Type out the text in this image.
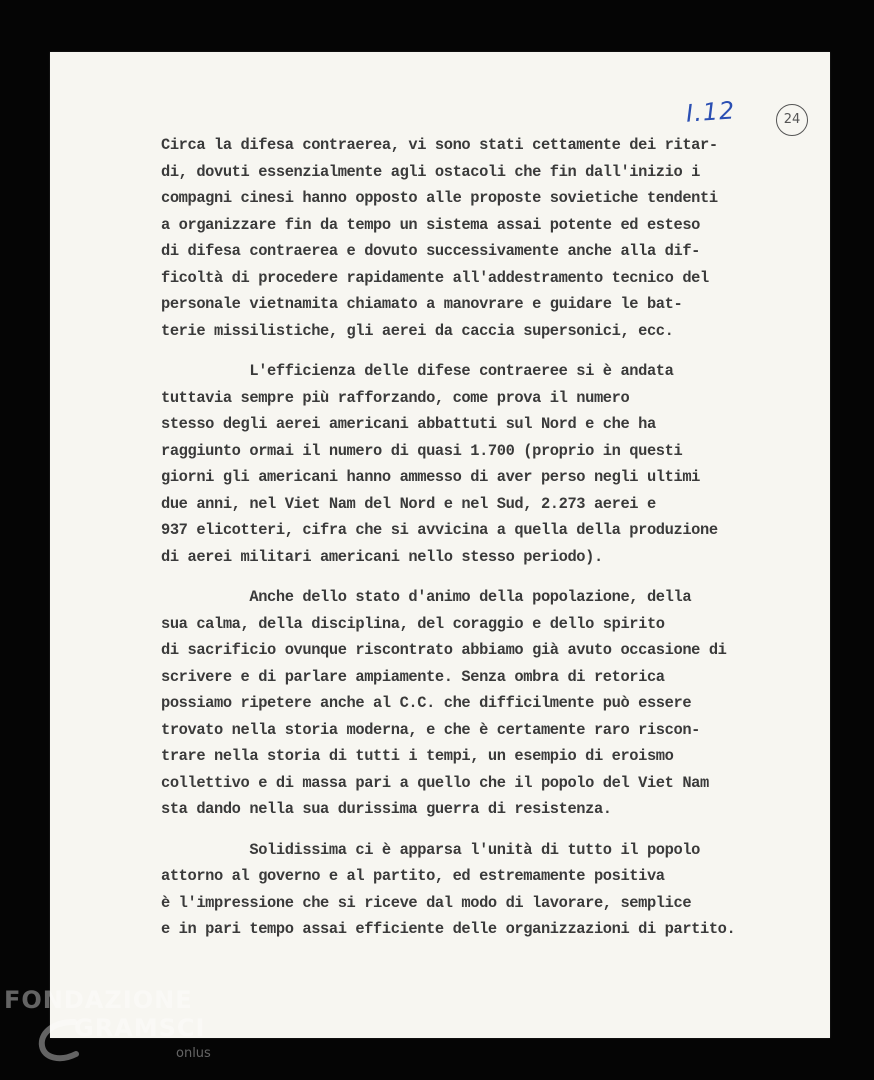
I.12	24
Circa la difesa contraerea, vi sono stati cettamente dei ritar-
di, dovuti essenzialmente agli ostacoli che fin dall'inizio i
compagni cinesi hanno opposto alle proposte sovietiche tendenti
a organizzare fin da tempo un sistema assai potente ed esteso
di difesa contraerea e dovuto successivamente anche alla dif-
ficoltà di procedere rapidamente all'addestramento tecnico del
personale vietnamita chiamato a manovrare e guidare le bat-
terie missilistiche, gli aerei da caccia supersonici, ecc.
L'efficienza delle difese contraeree si è andata
tuttavia sempre più rafforzando, come prova il numero
stesso degli aerei americani abbattuti sul Nord e che ha
raggiunto ormai il numero di quasi 1.700 (proprio in questi
giorni gli americani hanno ammesso di aver perso negli ultimi
due anni, nel Viet Nam del Nord e nel Sud, 2.273 aerei e
937 elicotteri, cifra che si avvicina a quella della produzione
di aerei militari americani nello stesso periodo).
Anche dello stato d'animo della popolazione, della
sua calma, della disciplina, del coraggio e dello spirito
di sacrificio ovunque riscontrato abbiamo già avuto occasione di
scrivere e di parlare ampiamente. Senza ombra di retorica
possiamo ripetere anche al C.C. che difficilmente può essere
trovato nella storia moderna, e che è certamente raro riscon-
trare nella storia di tutti i tempi, un esempio di eroismo
collettivo e di massa pari a quello che il popolo del Viet Nam
sta dando nella sua durissima guerra di resistenza.
Solidissima ci è apparsa l'unità di tutto il popolo
attorno al governo e al partito, ed estremamente positiva
è l'impressione che si riceve dal modo di lavorare, semplice
e in pari tempo assai efficiente delle organizzazioni di partito.
FONDAZIONE
GRAMSCI
onlus
